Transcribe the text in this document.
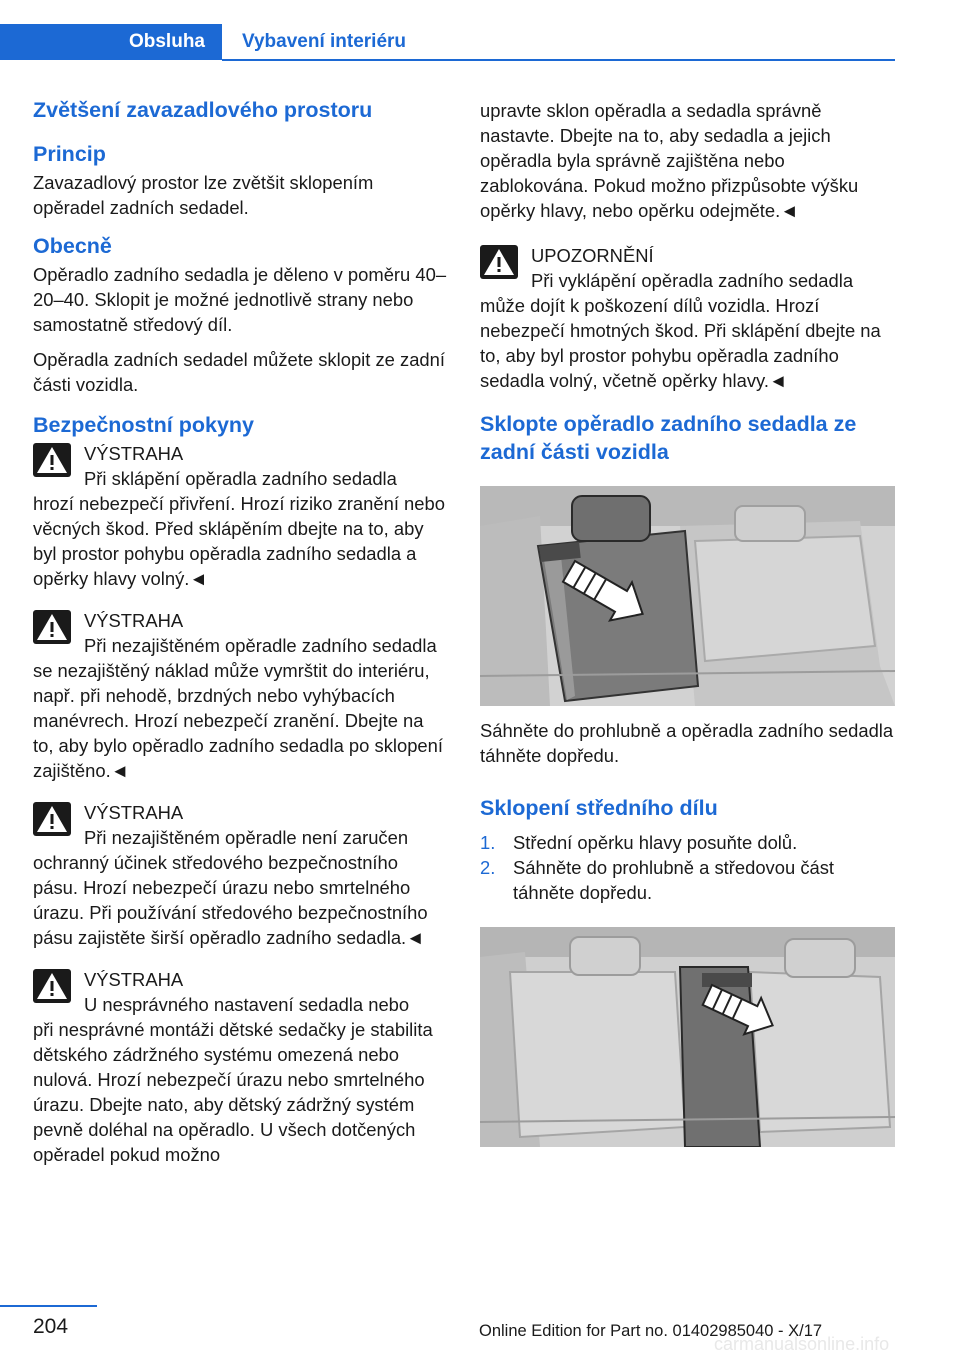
Obsluha	Vybavení interiéru
Zvětšení zavazadlového prostoru
Princip

Zavazadlový prostor lze zvětšit sklopením opěradel zadních sedadel.

Obecně

Opěradlo zadního sedadla je děleno v poměru 40–20–40. Sklopit je možné jednotlivě strany nebo samostatně středový díl.

Opěradla zadních sedadel můžete sklopit ze zadní části vozidla.

Bezpečnostní pokyny
VÝSTRAHA
Při sklápění opěradla zadního sedadla
hrozí nebezpečí přivření. Hrozí riziko zranění nebo věcných škod. Před sklápěním dbejte na to, aby byl prostor pohybu opěradla zadního sedadla a opěrky hlavy volný.◄
VÝSTRAHA
Při nezajištěném opěradle zadního sedadla se nezajištěný náklad může vymrštit do interiéru, např. při nehodě, brzdných nebo vyhýbacích manévrech. Hrozí nebezpečí zranění. Dbejte na to, aby bylo opěradlo zadního sedadla po sklopení zajištěno.◄
VÝSTRAHA
Při nezajištěném opěradle není zaručen
ochranný účinek středového bezpečnostního pásu. Hrozí nebezpečí úrazu nebo smrtelného úrazu. Při používání středového bezpečnostního pásu zajistěte širší opěradlo zadního sedadla.◄
VÝSTRAHA
U nesprávného nastavení sedadla nebo
při nesprávné montáži dětské sedačky je stabilita dětského zádržného systému omezená nebo nulová. Hrozí nebezpečí úrazu nebo smrtelného úrazu. Dbejte nato, aby dětský zádržný systém pevně doléhal na opěradlo. U všech dotčených opěradel pokud možno

upravte sklon opěradla a sedadla správně nastavte. Dbejte na to, aby sedadla a jejich opěradla byla správně zajištěna nebo zablokována. Pokud možno přizpůsobte výšku opěrky hlavy, nebo opěrku odejměte.◄

UPOZORNĚNÍ
Při vyklápění opěradla zadního sedadla
může dojít k poškození dílů vozidla. Hrozí nebezpečí hmotných škod. Při sklápění dbejte na to, aby byl prostor pohybu opěradla zadního sedadla volný, včetně opěrky hlavy.◄
Sklopte opěradlo zadního sedadla ze zadní části vozidla

Sáhněte do prohlubně a opěradla zadního sedadla táhněte dopředu.

Sklopení středního dílu
1. Střední opěrku hlavy posuňte dolů.
2. Sáhněte do prohlubně a středovou část táhněte dopředu.
204	Online Edition for Part no. 01402985040 - X/17
carmanualsonline.info
